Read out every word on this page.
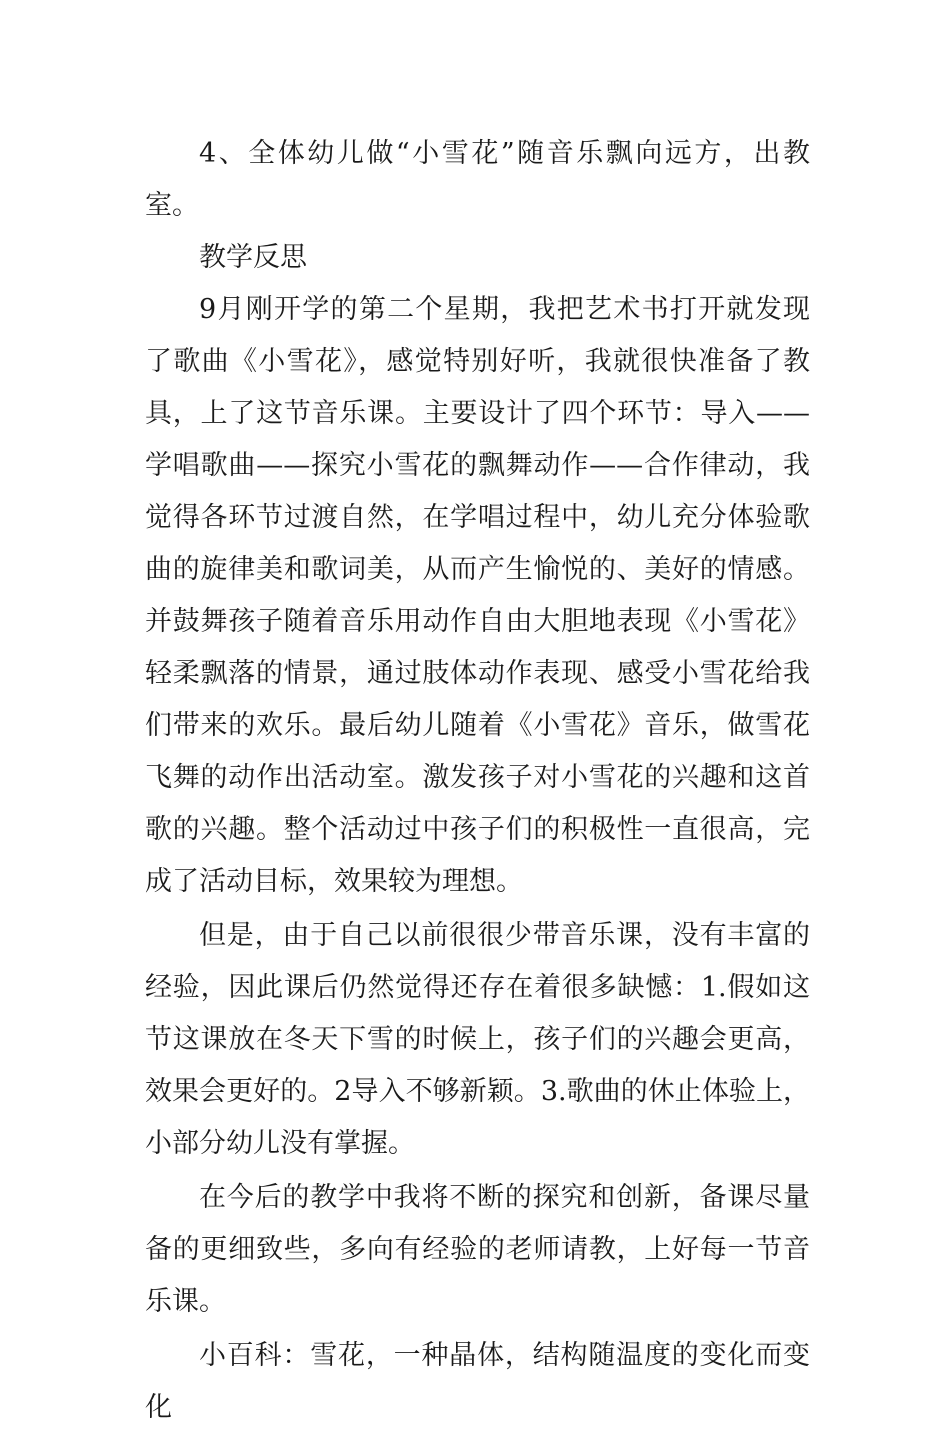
4、全体幼儿做“小雪花”随音乐飘向远方，出教室。

教学反思

9月刚开学的第二个星期，我把艺术书打开就发现了歌曲《小雪花》，感觉特别好听，我就很快准备了教具，上了这节音乐课。主要设计了四个环节：导入——学唱歌曲——探究小雪花的飘舞动作——合作律动，我觉得各环节过渡自然，在学唱过程中，幼儿充分体验歌曲的旋律美和歌词美，从而产生愉悦的、美好的情感。并鼓舞孩子随着音乐用动作自由大胆地表现《小雪花》轻柔飘落的情景，通过肢体动作表现、感受小雪花给我们带来的欢乐。最后幼儿随着《小雪花》音乐，做雪花飞舞的动作出活动室。激发孩子对小雪花的兴趣和这首歌的兴趣。整个活动过中孩子们的积极性一直很高，完成了活动目标，效果较为理想。

但是，由于自己以前很很少带音乐课，没有丰富的经验，因此课后仍然觉得还存在着很多缺憾：1.假如这节这课放在冬天下雪的时候上，孩子们的兴趣会更高，效果会更好的。2导入不够新颖。3.歌曲的休止体验上，小部分幼儿没有掌握。

在今后的教学中我将不断的探究和创新，备课尽量备的更细致些，多向有经验的老师请教，上好每一节音乐课。

小百科：雪花，一种晶体，结构随温度的变化而变化
